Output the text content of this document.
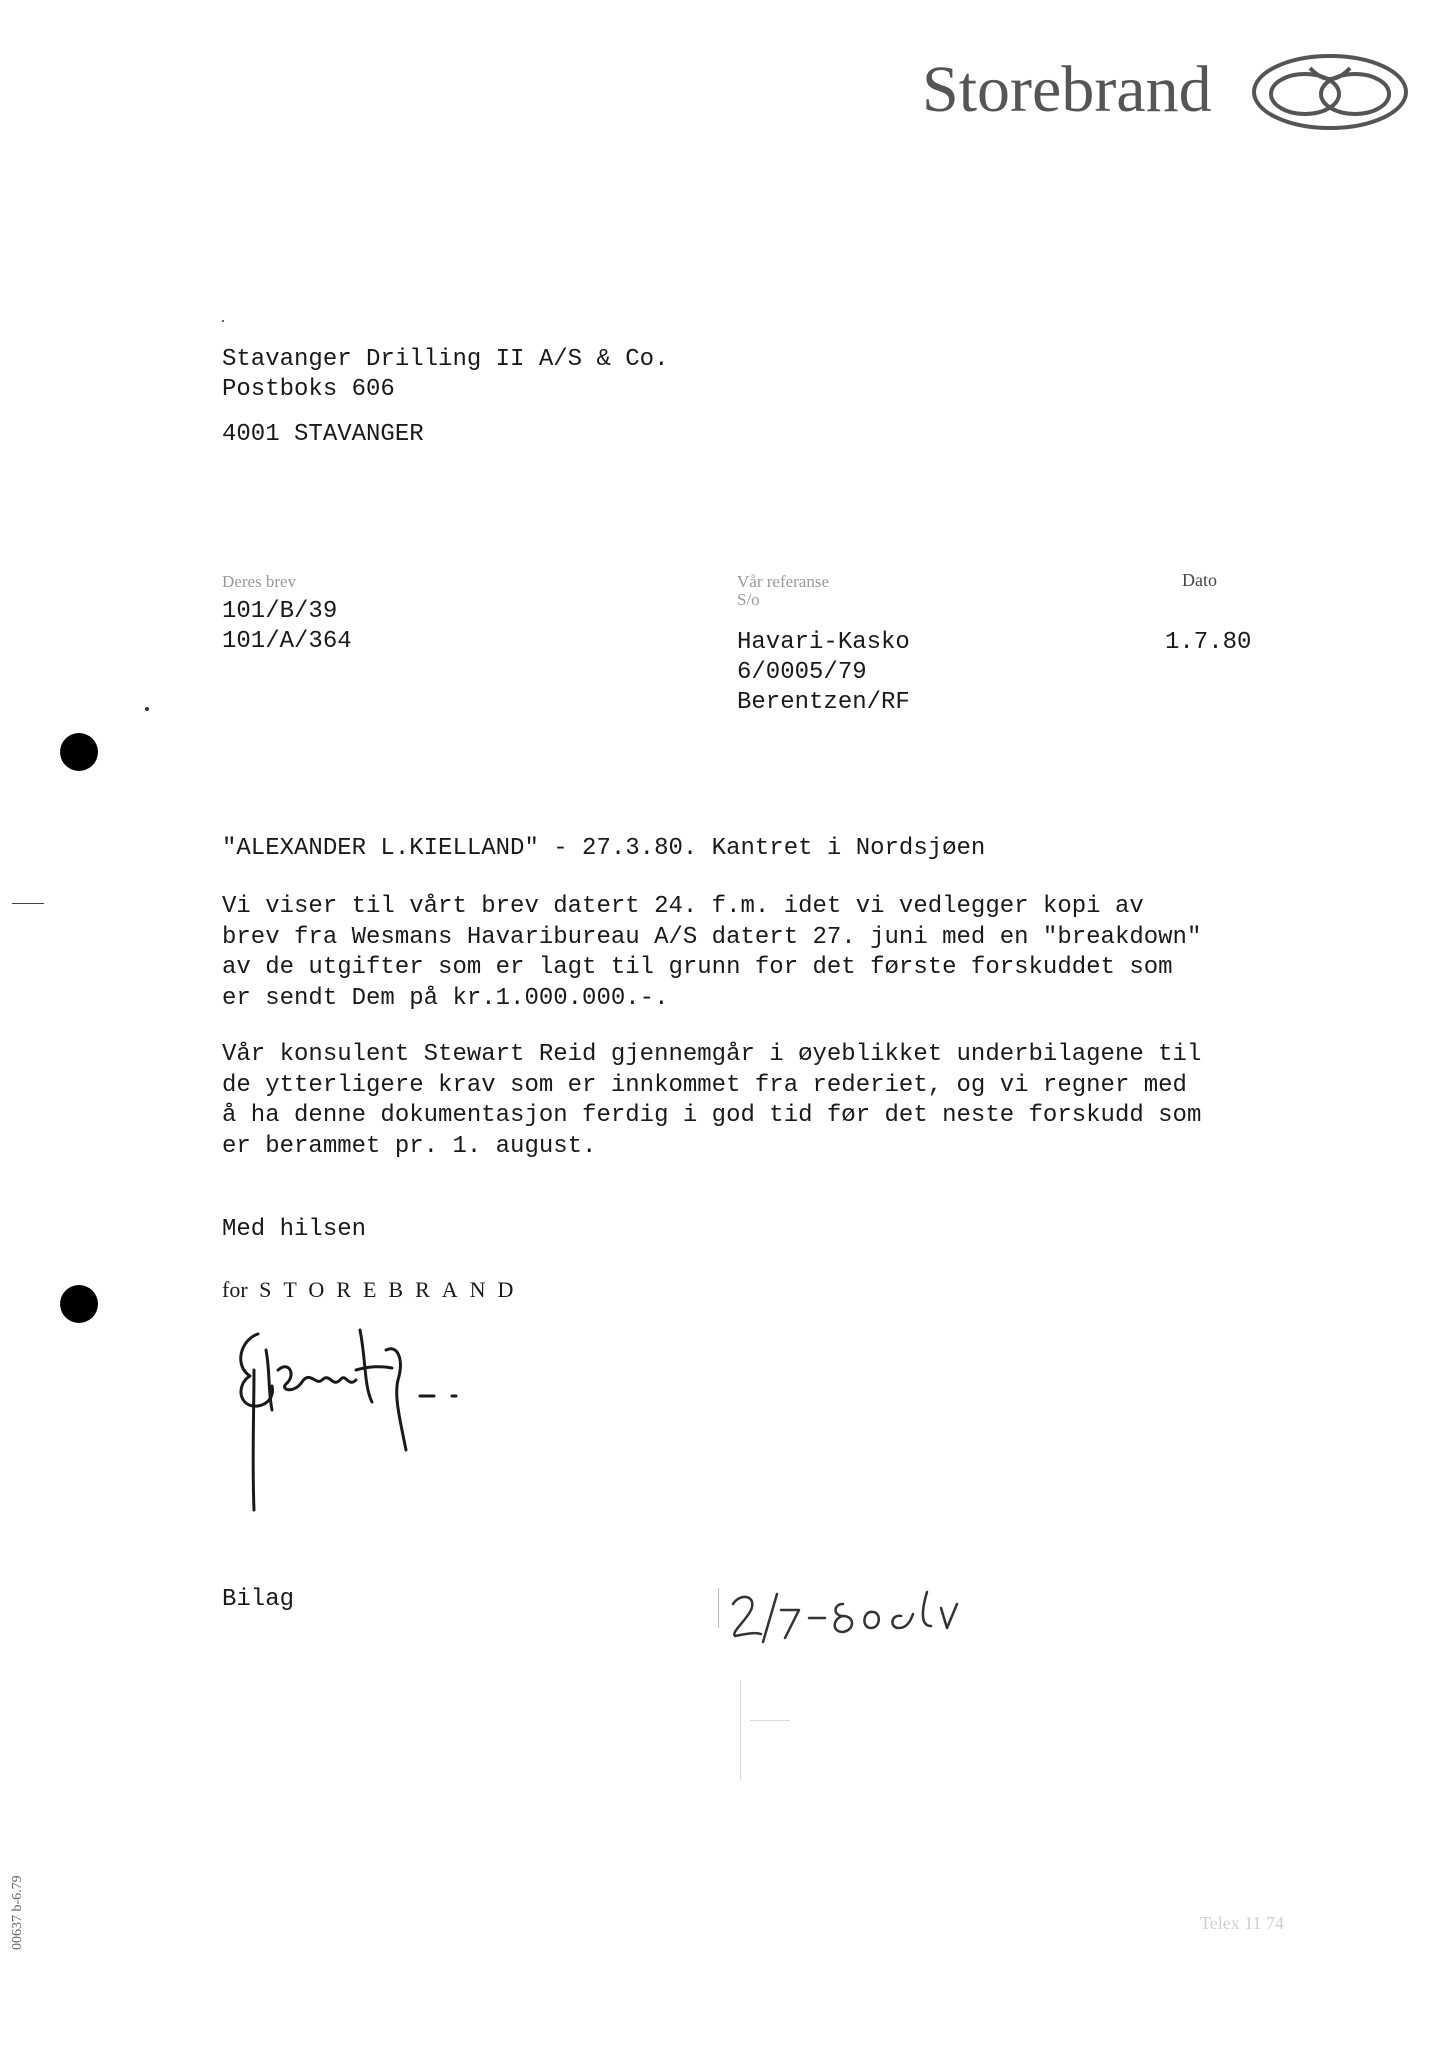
Storebrand
Stavanger Drilling II A/S & Co.
Postboks 606
4001 STAVANGER
Deres brev
101/B/39
101/A/364
Vår referanse
S/o
Havari-Kasko
6/0005/79
Berentzen/RF
Dato
1.7.80
"ALEXANDER L.KIELLAND" - 27.3.80. Kantret i Nordsjøen
Vi viser til vårt brev datert 24. f.m. idet vi vedlegger kopi av
brev fra Wesmans Havaribureau A/S datert 27. juni med en "breakdown"
av de utgifter som er lagt til grunn for det første forskuddet som
er sendt Dem på kr.1.000.000.-.
Vår konsulent Stewart Reid gjennemgår i øyeblikket underbilagene til
de ytterligere krav som er innkommet fra rederiet, og vi regner med
å ha denne dokumentasjon ferdig i god tid før det neste forskudd som
er berammet pr. 1. august.
Med hilsen
for STOREBRAND
Bilag
00637 b-6.79	Telex 11 74
